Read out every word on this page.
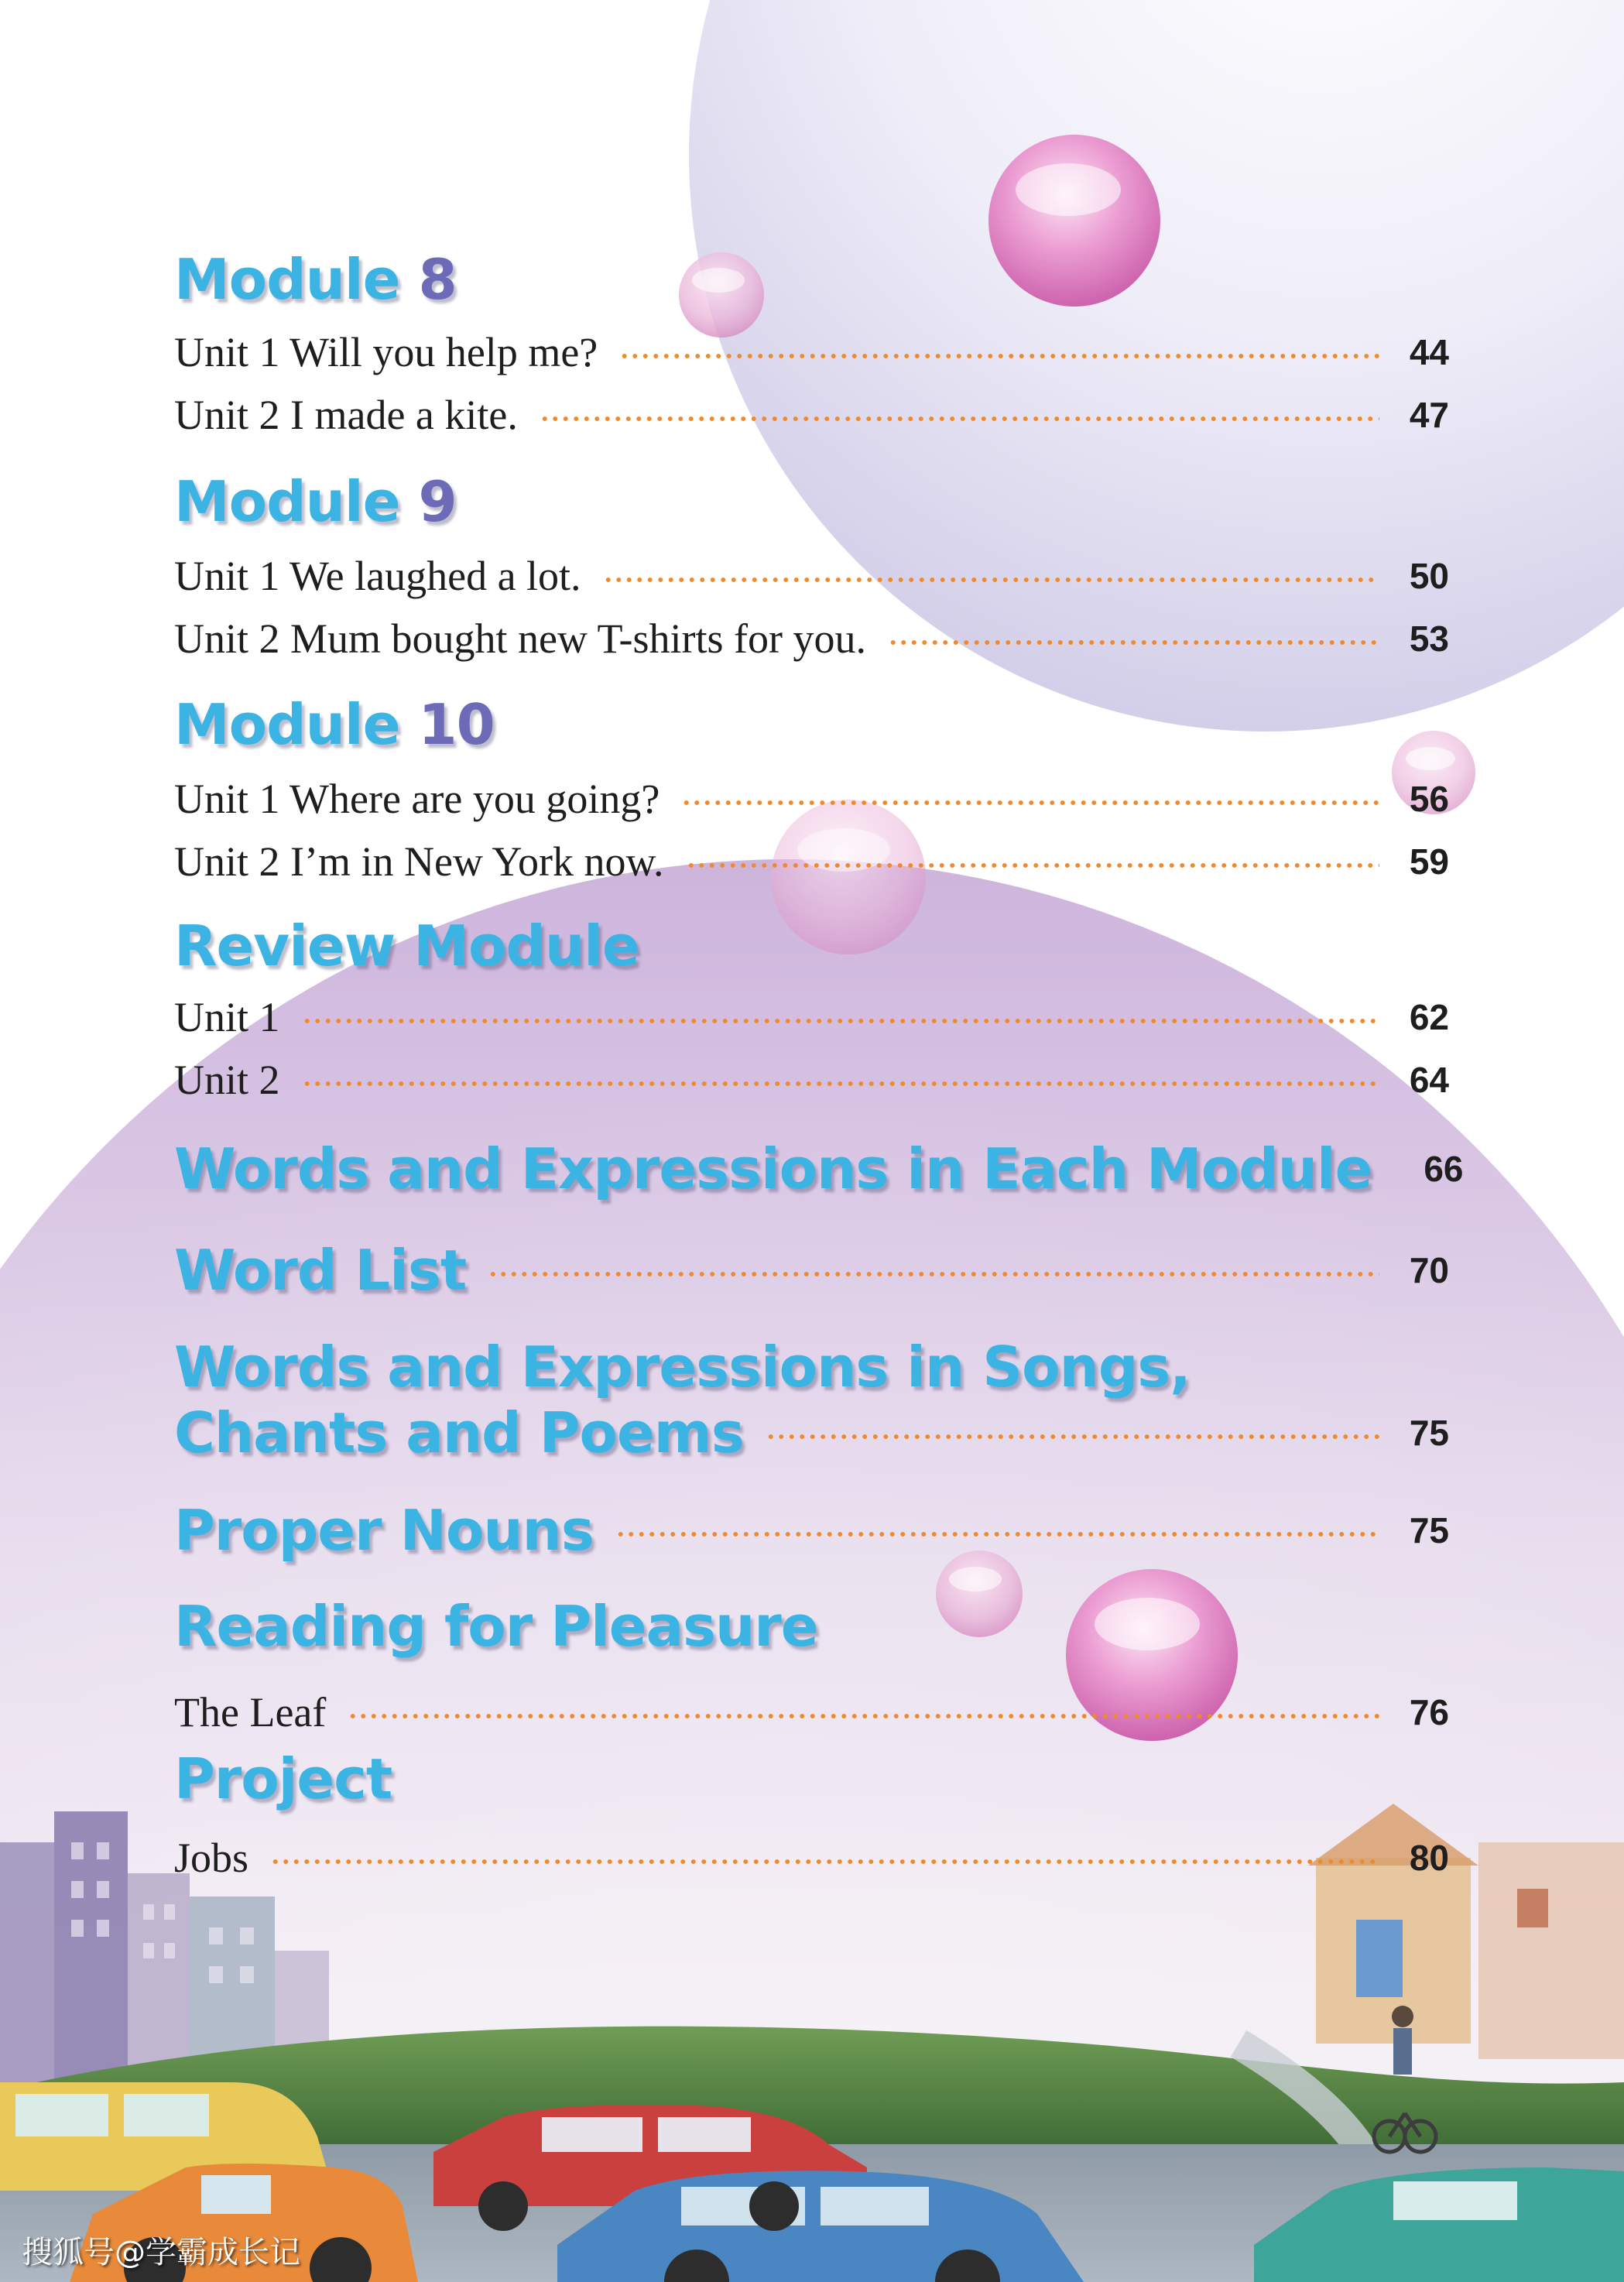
Module 8
Unit 1 Will you help me?	44
Unit 2 I made a kite.	47
Module 9
Unit 1 We laughed a lot.	50
Unit 2 Mum bought new T-shirts for you.	53
Module 10
Unit 1 Where are you going?	56
Unit 2 I’m in New York now.	59
Review Module
Unit 1	62
Unit 2	64
Words and Expressions in Each Module 66
Word List	70
Words and Expressions in Songs,
Chants and Poems	75
Proper Nouns	75
Reading for Pleasure
The Leaf	76
Project
Jobs	80
搜狐号@学霸成长记
